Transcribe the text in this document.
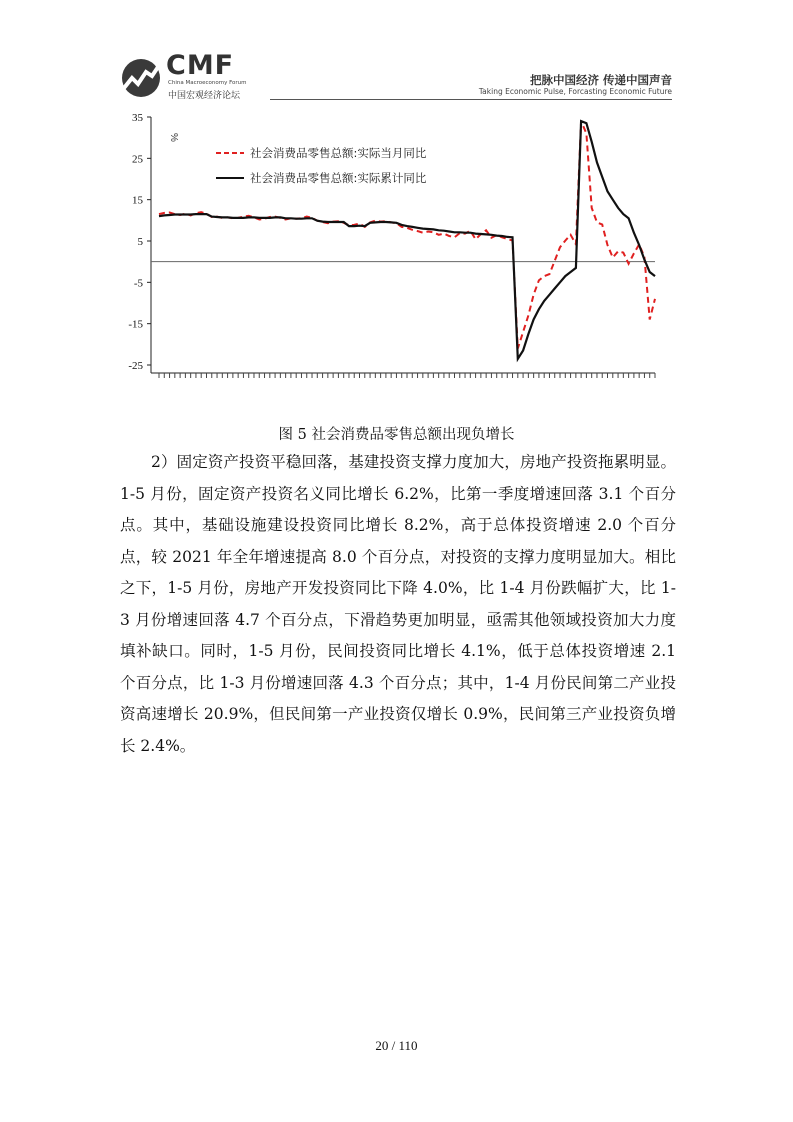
CMF
China Macroeconomy Forum
中国宏观经济论坛
把脉中国经济 传递中国声音
Taking Economic Pulse, Forcasting Economic Future
35
25
15
5
-5
-15
-25
%
社会消费品零售总额:实际当月同比
社会消费品零售总额:实际累计同比
图 5 社会消费品零售总额出现负增长

2）固定资产投资平稳回落，基建投资支撑力度加大，房地产投资拖累明显。1-5 月份，固定资产投资名义同比增长 6.2%，比第一季度增速回落 3.1 个百分点。其中，基础设施建设投资同比增长 8.2%，高于总体投资增速 2.0 个百分点，较 2021 年全年增速提高 8.0 个百分点，对投资的支撑力度明显加大。相比之下，1-5 月份，房地产开发投资同比下降 4.0%，比 1-4 月份跌幅扩大，比 1-3 月份增速回落 4.7 个百分点，下滑趋势更加明显，亟需其他领域投资加大力度填补缺口。同时，1-5 月份，民间投资同比增长 4.1%，低于总体投资增速 2.1 个百分点，比 1-3 月份增速回落 4.3 个百分点；其中，1-4 月份民间第二产业投资高速增长 20.9%，但民间第一产业投资仅增长 0.9%，民间第三产业投资负增长 2.4%。

20 / 110
